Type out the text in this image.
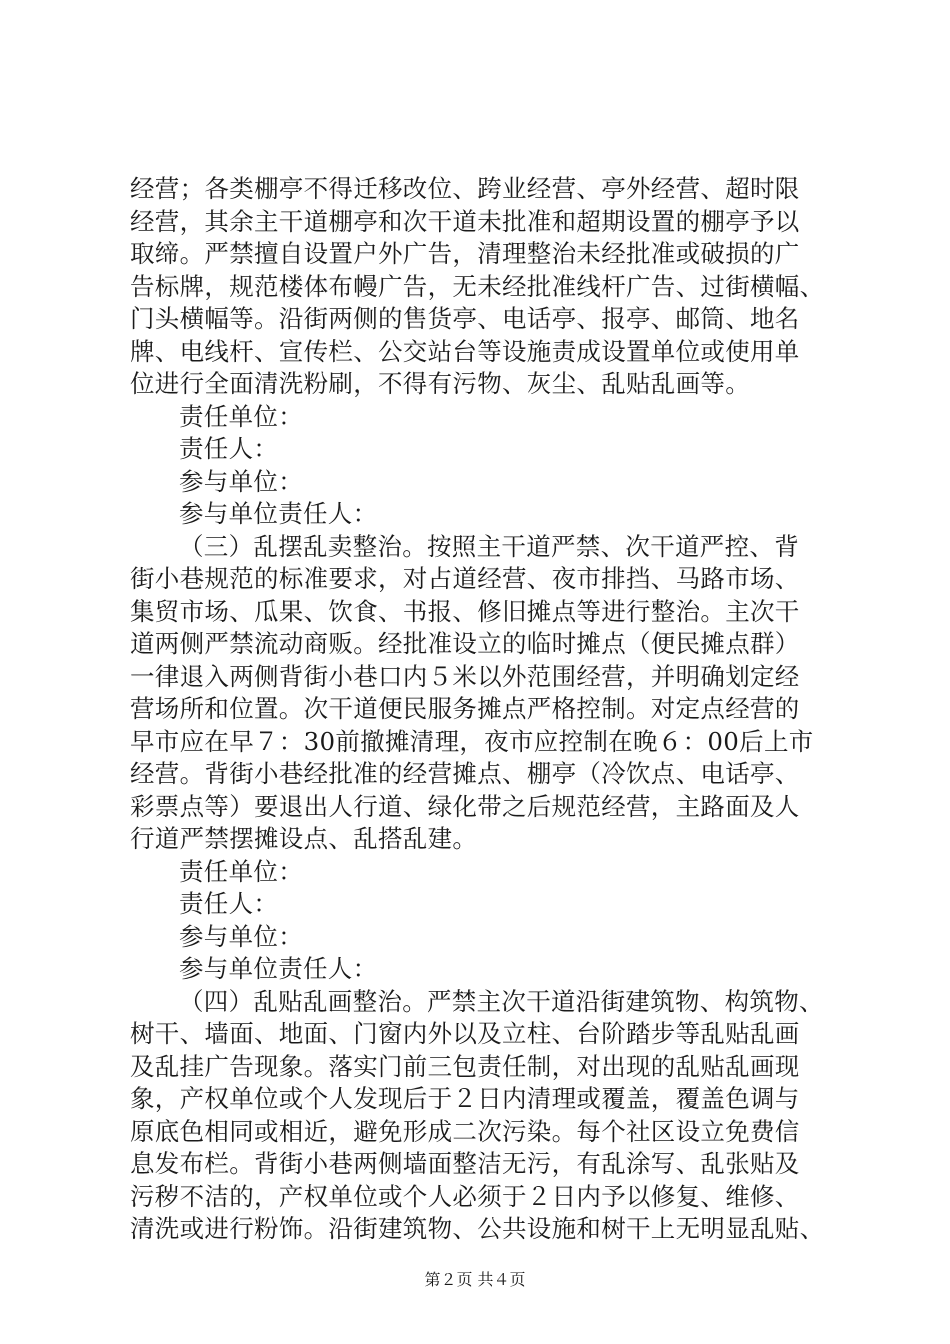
经营；各类棚亭不得迁移改位、跨业经营、亭外经营、超时限
经营，其余主干道棚亭和次干道未批准和超期设置的棚亭予以
取缔。严禁擅自设置户外广告，清理整治未经批准或破损的广
告标牌，规范楼体布幔广告，无未经批准线杆广告、过街横幅、
门头横幅等。沿街两侧的售货亭、电话亭、报亭、邮筒、地名
牌、电线杆、宣传栏、公交站台等设施责成设置单位或使用单
位进行全面清洗粉刷，不得有污物、灰尘、乱贴乱画等。
责任单位：
责任人：
参与单位：
参与单位责任人：
（三）乱摆乱卖整治。按照主干道严禁、次干道严控、背
街小巷规范的标准要求，对占道经营、夜市排挡、马路市场、
集贸市场、瓜果、饮食、书报、修旧摊点等进行整治。主次干
道两侧严禁流动商贩。经批准设立的临时摊点（便民摊点群）
一律退入两侧背街小巷口内５米以外范围经营，并明确划定经
营场所和位置。次干道便民服务摊点严格控制。对定点经营的
早市应在早７：30前撤摊清理，夜市应控制在晚６：00后上市
经营。背街小巷经批准的经营摊点、棚亭（冷饮点、电话亭、
彩票点等）要退出人行道、绿化带之后规范经营，主路面及人
行道严禁摆摊设点、乱搭乱建。
责任单位：
责任人：
参与单位：
参与单位责任人：
（四）乱贴乱画整治。严禁主次干道沿街建筑物、构筑物、
树干、墙面、地面、门窗内外以及立柱、台阶踏步等乱贴乱画
及乱挂广告现象。落实门前三包责任制，对出现的乱贴乱画现
象，产权单位或个人发现后于２日内清理或覆盖，覆盖色调与
原底色相同或相近，避免形成二次污染。每个社区设立免费信
息发布栏。背街小巷两侧墙面整洁无污，有乱涂写、乱张贴及
污秽不洁的，产权单位或个人必须于２日内予以修复、维修、
清洗或进行粉饰。沿街建筑物、公共设施和树干上无明显乱贴、
第２页 共４页
